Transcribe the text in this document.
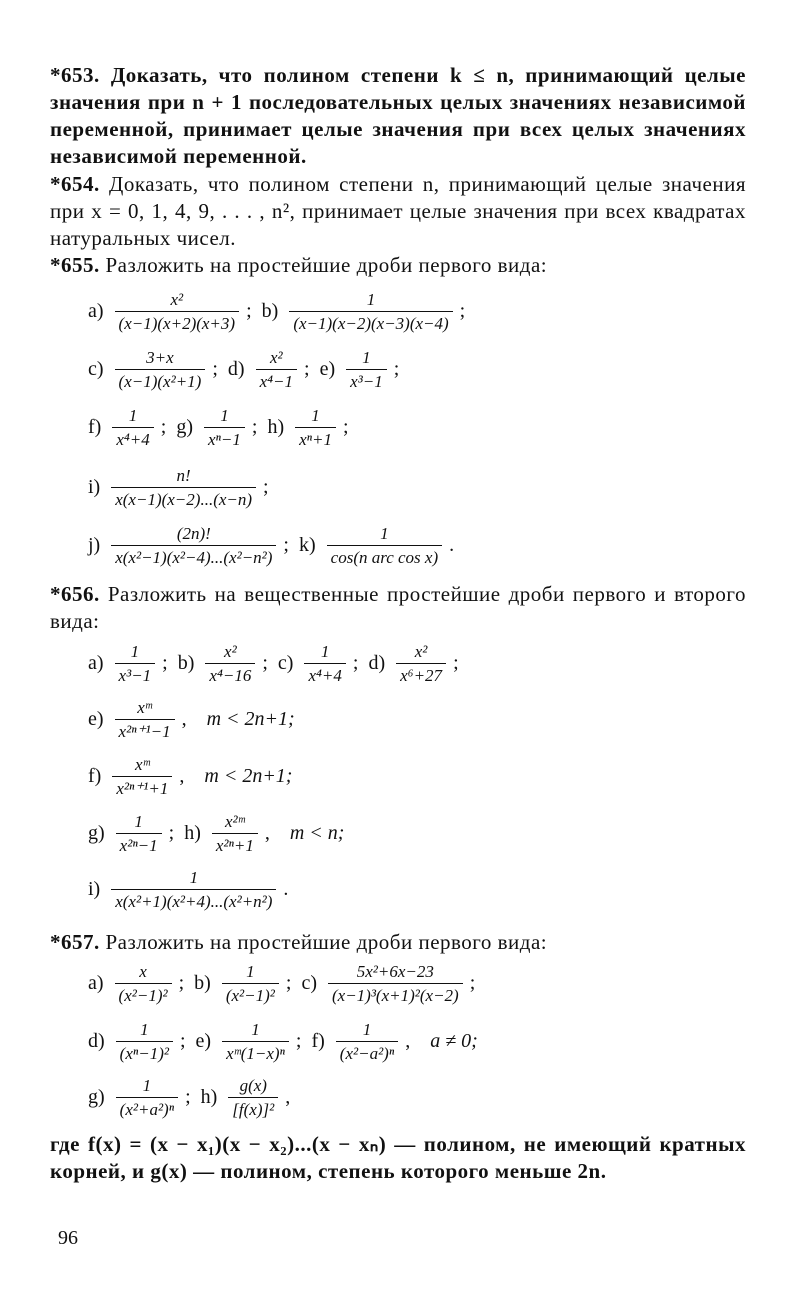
*653. Доказать, что полином степени k ≤ n, принимающий целые значения при n + 1 последовательных целых значениях независимой переменной, принимает целые значения при всех целых значениях независимой переменной.
*654. Доказать, что полином степени n, принимающий целые значения при x = 0, 1, 4, 9, . . . , n², принимает целые значения при всех квадратах натуральных чисел.
*655. Разложить на простейшие дроби первого вида:
$a) \frac{\text{x²}}{(x-1)(x+2)(x+3)}$ ; $b) \frac{1}{(x-1)(x-2)(x-3)(x-4)}$ ;
$c) \frac{3+x}{\text{(x−1)(x²+1)}}$ ; $d) \frac{\text{x²}}{\text{x⁴−1}}$ ; $e) \frac{1}{\text{x³−1}}$ ;
$f) \frac{1}{\text{x⁴+4}}$ ; $g) \frac{1}{\text{xⁿ−1}}$ ; $h) \frac{1}{\text{xⁿ+1}}$ ;
$i) \frac{n!}{x(x-1)(x-2)...(x-n)}$ ;
$j) \frac{(2n)!}{\text{x(x²−1)(x²−4)...(x²−n²)}}$ ; $k) \frac{1}{\text{cos(n arc cos x)}}$ .
*656. Разложить на вещественные простейшие дроби первого и второго вида:
$a) \frac{1}{\text{x³−1}}$ ; $b) \frac{\text{x²}}{\text{x⁴−16}}$ ; $c) \frac{1}{\text{x⁴+4}}$ ; $d) \frac{\text{x²}}{\text{x⁶+27}}$ ;
$e) \frac{\text{xᵐ}}{\text{x²ⁿ⁺¹−1}}$ , m < 2n+1;
$f) \frac{\text{xᵐ}}{\text{x²ⁿ⁺¹+1}}$ , m < 2n+1;
$g) \frac{1}{\text{x²ⁿ−1}}$ ; $h) \frac{\text{x²ᵐ}}{\text{x²ⁿ+1}}$ , m < n;
$i) \frac{1}{\text{x(x²+1)(x²+4)...(x²+n²)}}$ .
*657. Разложить на простейшие дроби первого вида:
$a) \frac{x}{\text{(x²−1)²}}$ ; $b) \frac{1}{\text{(x²−1)²}}$ ; $c) \frac{\text{5x²+6x−23}}{\text{(x−1)³(x+1)²(x−2)}}$ ;
$d) \frac{1}{\text{(xⁿ−1)²}}$ ; $e) \frac{1}{\text{xᵐ(1−x)ⁿ}}$ ; $f) \frac{1}{\text{(x²−a²)ⁿ}}$ , a ≠ 0;
$g) \frac{1}{\text{(x²+a²)ⁿ}}$ ; $h) \frac{g(x)}{\text{[f(x)]²}}$ ,
где f(x) = (x − x₁)(x − x₂)...(x − xₙ) — полином, не имеющий кратных корней, и g(x) — полином, степень которого меньше 2n.
96
